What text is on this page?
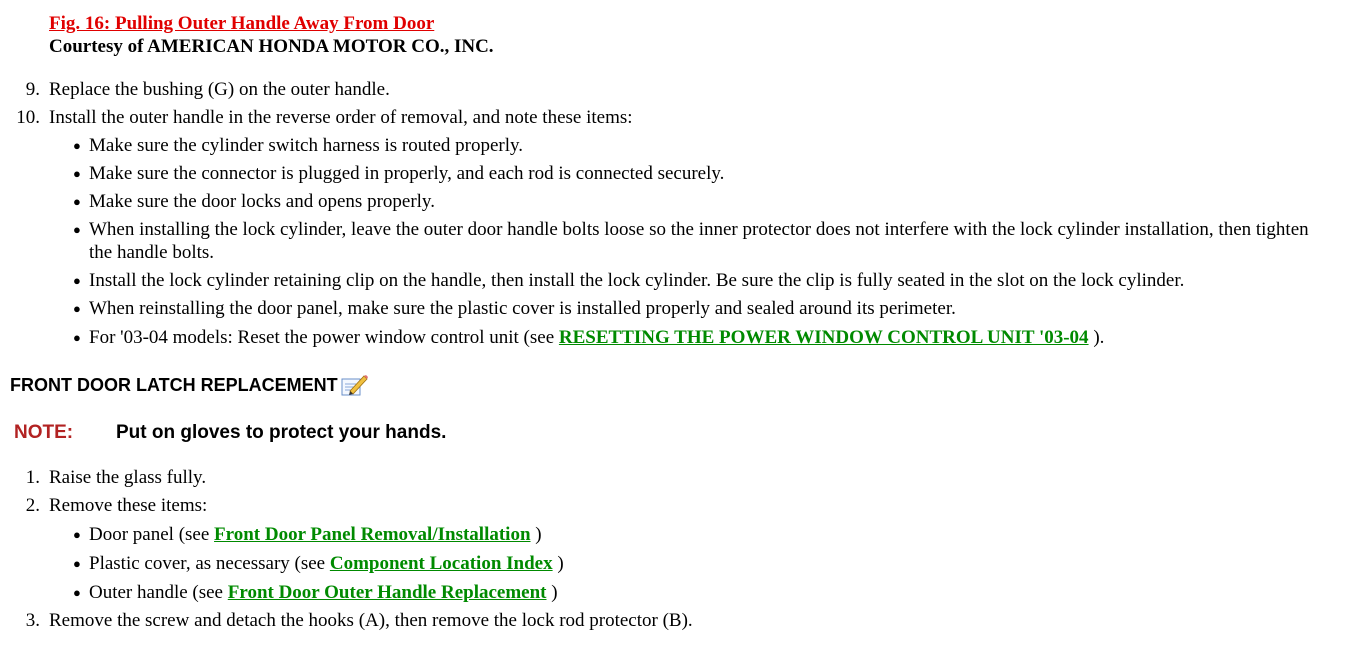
Fig. 16: Pulling Outer Handle Away From Door
Courtesy of AMERICAN HONDA MOTOR CO., INC.
9. Replace the bushing (G) on the outer handle.
10. Install the outer handle in the reverse order of removal, and note these items:
● Make sure the cylinder switch harness is routed properly.
● Make sure the connector is plugged in properly, and each rod is connected securely.
● Make sure the door locks and opens properly.
● When installing the lock cylinder, leave the outer door handle bolts loose so the inner protector does not interfere with the lock cylinder installation, then tighten the handle bolts.
● Install the lock cylinder retaining clip on the handle, then install the lock cylinder. Be sure the clip is fully seated in the slot on the lock cylinder.
● When reinstalling the door panel, make sure the plastic cover is installed properly and sealed around its perimeter.
● For '03-04 models: Reset the power window control unit (see RESETTING THE POWER WINDOW CONTROL UNIT '03-04 ).
FRONT DOOR LATCH REPLACEMENT
NOTE: Put on gloves to protect your hands.
1. Raise the glass fully.
2. Remove these items:
● Door panel (see Front Door Panel Removal/Installation )
● Plastic cover, as necessary (see Component Location Index )
● Outer handle (see Front Door Outer Handle Replacement )
3. Remove the screw and detach the hooks (A), then remove the lock rod protector (B).
